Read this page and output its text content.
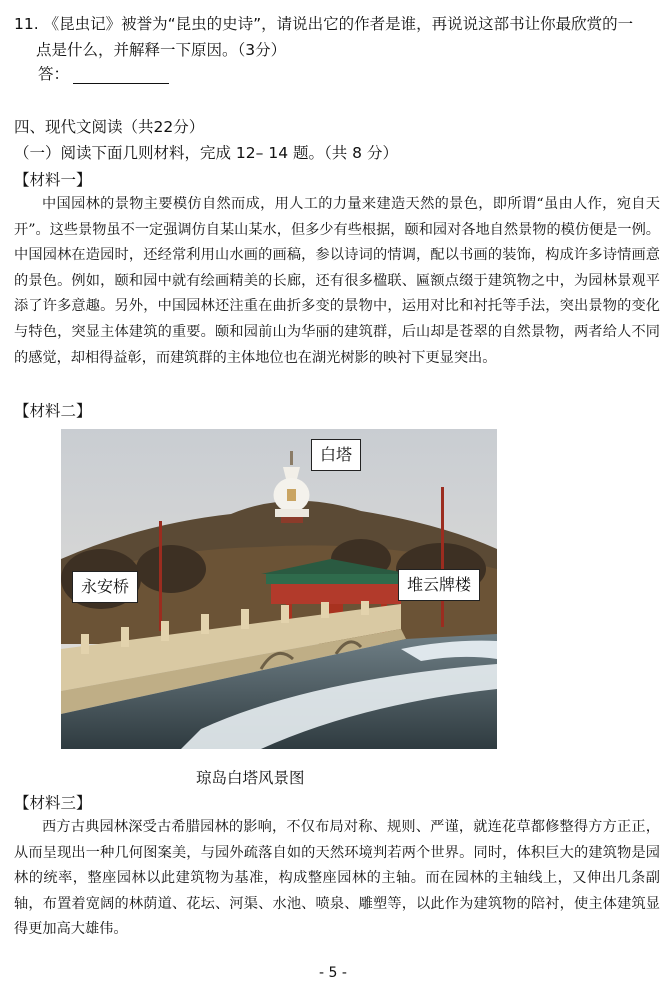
11. 《昆虫记》被誉为“昆虫的史诗”，请说出它的作者是谁，再说说这部书让你最欣赏的一
点是什么，并解释一下原因。（3分）
答：
四、现代文阅读（共22分）
（一）阅读下面几则材料，完成 12– 14 题。（共 8 分）
【材料一】
中国园林的景物主要模仿自然而成，用人工的力量来建造天然的景色，即所谓“虽由人作，宛自天开”。这些景物虽不一定强调仿自某山某水，但多少有些根据，颐和园对各地自然景物的模仿便是一例。中国园林在造园时，还经常利用山水画的画稿，参以诗词的情调，配以书画的装饰，构成许多诗情画意的景色。例如，颐和园中就有绘画精美的长廊，还有很多楹联、匾额点缀于建筑物之中，为园林景观平添了许多意趣。另外，中国园林还注重在曲折多变的景物中，运用对比和衬托等手法，突出景物的变化与特色，突显主体建筑的重要。颐和园前山为华丽的建筑群，后山却是苍翠的自然景物，两者给人不同的感觉，却相得益彰，而建筑群的主体地位也在湖光树影的映衬下更显突出。
【材料二】
白塔
永安桥	堆云牌楼
琼岛白塔风景图
【材料三】
西方古典园林深受古希腊园林的影响，不仅布局对称、规则、严谨，就连花草都修整得方方正正，从而呈现出一种几何图案美，与园外疏落自如的天然环境判若两个世界。同时，体积巨大的建筑物是园林的统率，整座园林以此建筑物为基准，构成整座园林的主轴。而在园林的主轴线上，又伸出几条副轴，布置着宽阔的林荫道、花坛、河渠、水池、喷泉、雕塑等，以此作为建筑物的陪衬，使主体建筑显得更加高大雄伟。
- 5 -
